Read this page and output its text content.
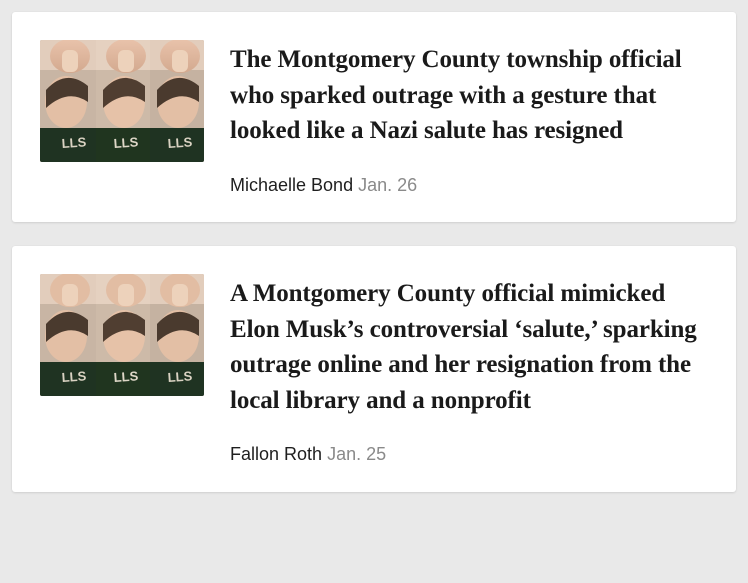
LLS LLS LLS
The Montgomery County township official who sparked outrage with a gesture that looked like a Nazi salute has resigned
Michaelle Bond Jan. 26
LLS LLS LLS
A Montgomery County official mimicked Elon Musk’s controversial ‘salute,’ sparking outrage online and her resignation from the local library and a nonprofit
Fallon Roth Jan. 25
